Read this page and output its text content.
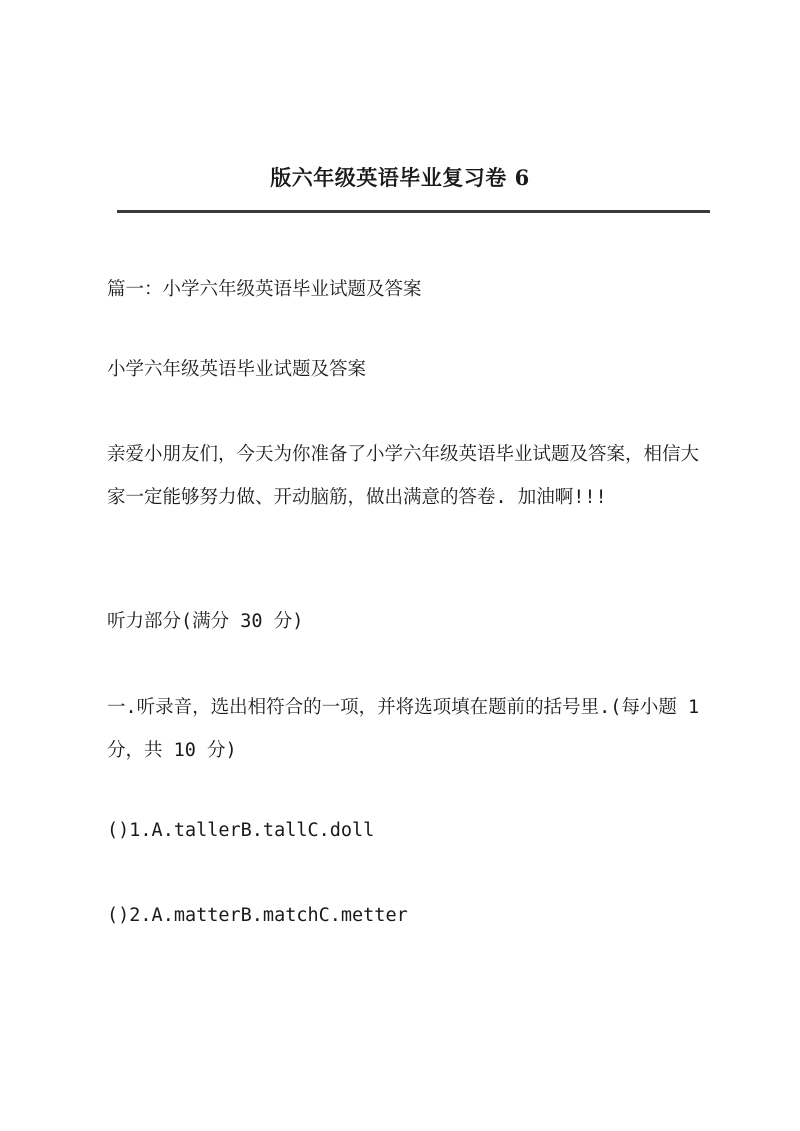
版六年级英语毕业复习卷 6
篇一：小学六年级英语毕业试题及答案
小学六年级英语毕业试题及答案
亲爱小朋友们，今天为你准备了小学六年级英语毕业试题及答案，相信大家一定能够努力做、开动脑筋，做出满意的答卷. 加油啊!!!
听力部分(满分 30 分)
一.听录音，选出相符合的一项，并将选项填在题前的括号里.(每小题 1 分，共 10 分)
()1.A.tallerB.tallC.doll
()2.A.matterB.matchC.metter
